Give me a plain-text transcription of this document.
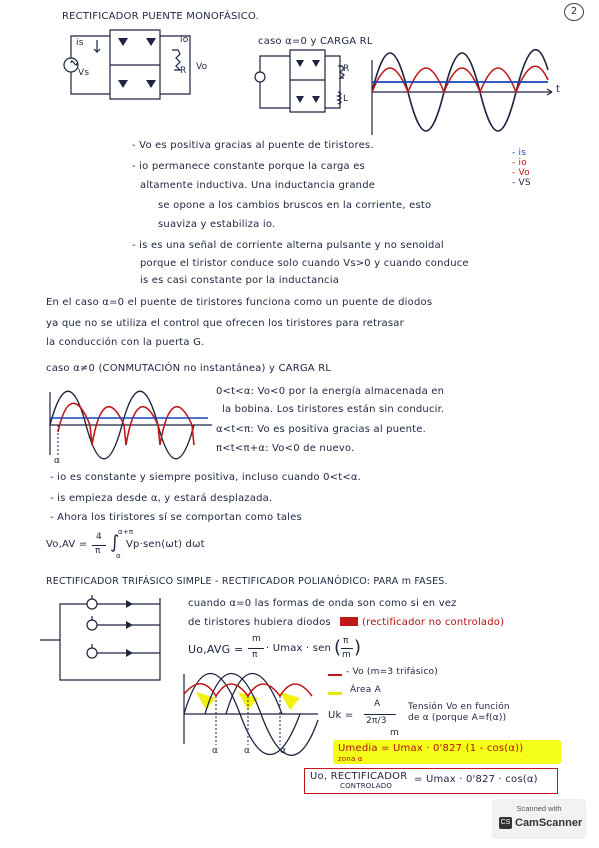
2
RECTIFICADOR PUENTE MONOFÁSICO.
is
Vs
io
R Vo
caso α=0 y CARGA RL
R
L
t
- Vo es positiva gracias al puente de tiristores.
- io permanece constante porque la carga es
altamente inductiva. Una inductancia grande
se opone a los cambios bruscos en la corriente, esto
suaviza y estabiliza io.
- is es una señal de corriente alterna pulsante y no senoidal
porque el tiristor conduce solo cuando Vs>0 y cuando conduce
is es casi constante por la inductancia
- is
- io
- Vo
- VS
En el caso α=0 el puente de tiristores funciona como un puente de diodos
ya que no se utiliza el control que ofrecen los tiristores para retrasar
la conducción con la puerta G.
caso α≠0 (CONMUTACIÓN no instantánea) y CARGA RL
α
0<t<α: Vo<0 por la energía almacenada en
la bobina. Los tiristores están sin conducir.
α<t<π: Vo es positiva gracias al puente.
π<t<π+α: Vo<0 de nuevo.
- io es constante y siempre positiva, incluso cuando 0<t<α.
- is empieza desde α, y estará desplazada.
- Ahora los tiristores sí se comportan como tales
Vo,AV =
4
π ∫
α+π
α
Vp·sen(ωt) dωt
RECTIFICADOR TRIFÁSICO SIMPLE - RECTIFICADOR POLIANÓDICO: PARA m FASES.
cuando α=0 las formas de onda son como si en vez
de tiristores hubiera diodos	(rectificador no controlado)
Uo,AVG =
m
π
· Umax · sen ( π
m )
α	α	α
- Vo (m=3 trifásico)
Área A
Uk =
A
2π/3
m
Tensión Vo en función
de α (porque A=f(α))
Umedia = Umax · 0'827 (1 - cos(α))
zona α
Uo, RECTIFICADOR
CONTROLADO
= Umax · 0'827 · cos(α)
Scanned with
CS CamScanner
